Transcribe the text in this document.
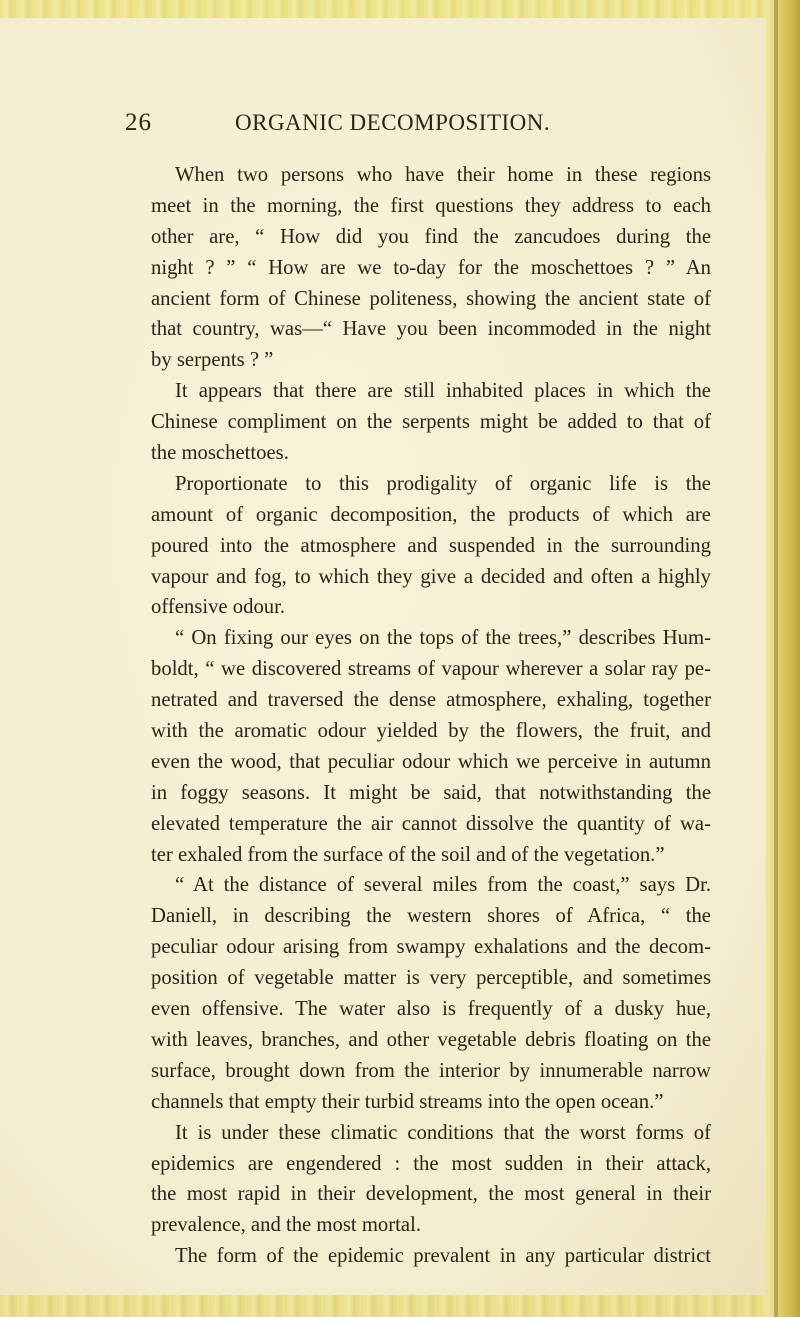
26	ORGANIC DECOMPOSITION.
When two persons who have their home in these regions
meet in the morning, the first questions they address to each
other are, “ How did you find the zancudoes during the
night ? ” “ How are we to-day for the moschettoes ? ” An
ancient form of Chinese politeness, showing the ancient state of
that country, was—“ Have you been incommoded in the night
by serpents ? ”
It appears that there are still inhabited places in which the
Chinese compliment on the serpents might be added to that of
the moschettoes.
Proportionate to this prodigality of organic life is the
amount of organic decomposition, the products of which are
poured into the atmosphere and suspended in the surrounding
vapour and fog, to which they give a decided and often a highly
offensive odour.
“ On fixing our eyes on the tops of the trees,” describes Hum-
boldt, “ we discovered streams of vapour wherever a solar ray pe-
netrated and traversed the dense atmosphere, exhaling, together
with the aromatic odour yielded by the flowers, the fruit, and
even the wood, that peculiar odour which we perceive in autumn
in foggy seasons. It might be said, that notwithstanding the
elevated temperature the air cannot dissolve the quantity of wa-
ter exhaled from the surface of the soil and of the vegetation.”
“ At the distance of several miles from the coast,” says Dr.
Daniell, in describing the western shores of Africa, “ the
peculiar odour arising from swampy exhalations and the decom-
position of vegetable matter is very perceptible, and sometimes
even offensive. The water also is frequently of a dusky hue,
with leaves, branches, and other vegetable debris floating on the
surface, brought down from the interior by innumerable narrow
channels that empty their turbid streams into the open ocean.”
It is under these climatic conditions that the worst forms of
epidemics are engendered : the most sudden in their attack,
the most rapid in their development, the most general in their
prevalence, and the most mortal.
The form of the epidemic prevalent in any particular district
